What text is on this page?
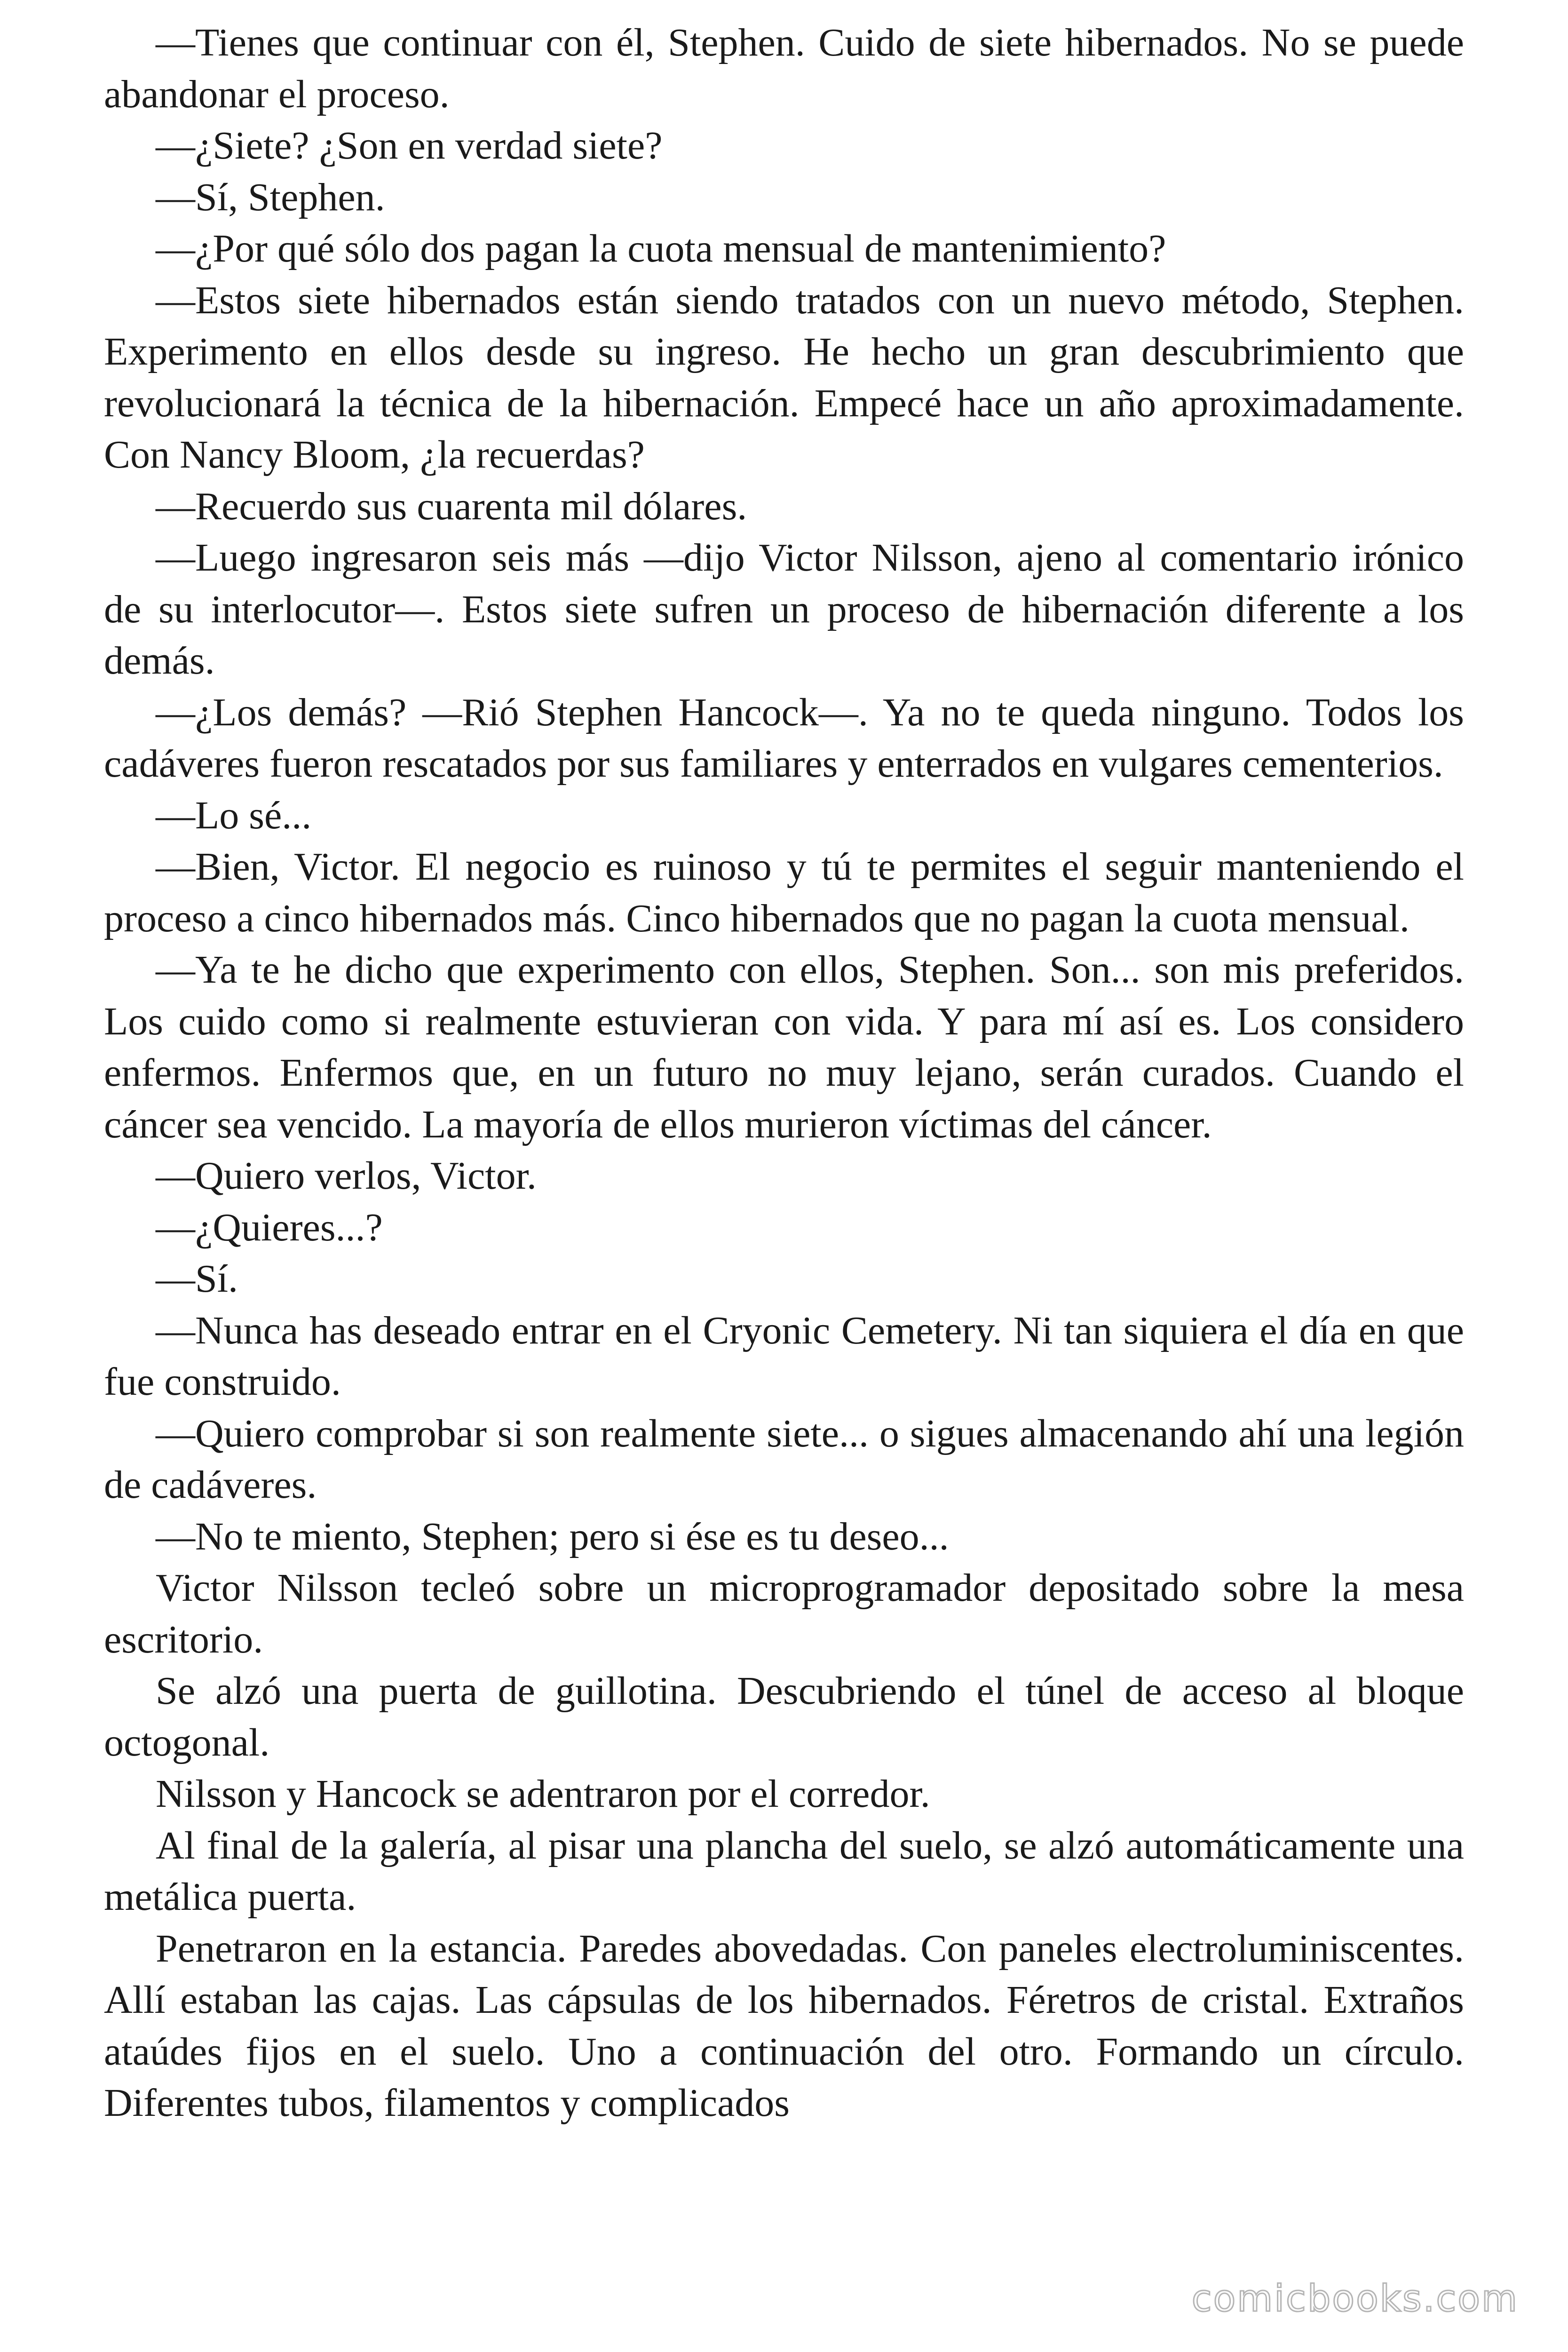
—Tienes que continuar con él, Stephen. Cuido de siete hibernados. No se puede abandonar el proceso.

—¿Siete? ¿Son en verdad siete?

—Sí, Stephen.

—¿Por qué sólo dos pagan la cuota mensual de mantenimiento?

—Estos siete hibernados están siendo tratados con un nuevo método, Stephen. Experimento en ellos desde su ingreso. He hecho un gran descubrimiento que revolucionará la técnica de la hibernación. Empecé hace un año aproximadamente. Con Nancy Bloom, ¿la recuerdas?

—Recuerdo sus cuarenta mil dólares.

—Luego ingresaron seis más —dijo Victor Nilsson, ajeno al comentario irónico de su interlocutor—. Estos siete sufren un proceso de hibernación diferente a los demás.

—¿Los demás? —Rió Stephen Hancock—. Ya no te queda ninguno. Todos los cadáveres fueron rescatados por sus familiares y enterrados en vulgares cementerios.

—Lo sé...

—Bien, Victor. El negocio es ruinoso y tú te permites el seguir manteniendo el proceso a cinco hibernados más. Cinco hibernados que no pagan la cuota mensual.

—Ya te he dicho que experimento con ellos, Stephen. Son... son mis preferidos. Los cuido como si realmente estuvieran con vida. Y para mí así es. Los considero enfermos. Enfermos que, en un futuro no muy lejano, serán curados. Cuando el cáncer sea vencido. La mayoría de ellos murieron víctimas del cáncer.

—Quiero verlos, Victor.

—¿Quieres...?

—Sí.

—Nunca has deseado entrar en el Cryonic Cemetery. Ni tan siquiera el día en que fue construido.

—Quiero comprobar si son realmente siete... o sigues almacenando ahí una legión de cadáveres.

—No te miento, Stephen; pero si ése es tu deseo...

Victor Nilsson tecleó sobre un microprogramador depositado sobre la mesa escritorio.

Se alzó una puerta de guillotina. Descubriendo el túnel de acceso al bloque octogonal.

Nilsson y Hancock se adentraron por el corredor.

Al final de la galería, al pisar una plancha del suelo, se alzó automáticamente una metálica puerta.

Penetraron en la estancia. Paredes abovedadas. Con paneles electroluminiscentes. Allí estaban las cajas. Las cápsulas de los hibernados. Féretros de cristal. Extraños ataúdes fijos en el suelo. Uno a continuación del otro. Formando un círculo. Diferentes tubos, filamentos y complicados

comicbooks.com
